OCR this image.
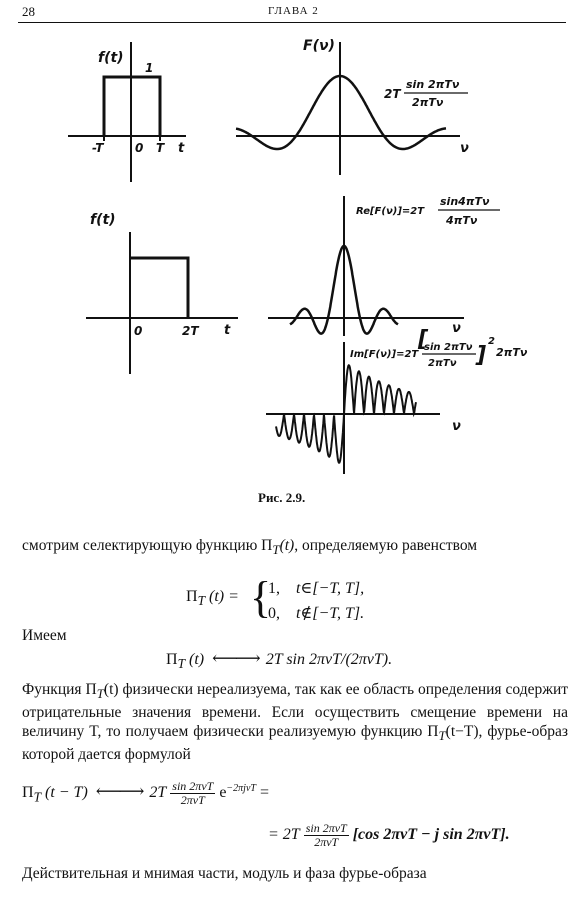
28	ГЛАВА 2
f(t)
1
-T	0 T t
F(ν)
2T
sin 2πTν
2πTν
ν
f(t)
0	2T t
Re[F(ν)]=2T
sin4πTν
4πTν
ν
Im[F(ν)]=2T
[
sin 2πTν
2πTν ]
2
2πTν
ν
Рис. 2.9.
смотрим селектирующую функцию $\Pi_T(t)$, определяемую равенством
$\Pi_T$ (t) = {
1, t∈[−T, T],
0, t∉[−T, T].
Имеем
$\Pi_T$ (t) ⟵⟶ 2T sin 2πνT/(2πνT).
Функция $\Pi_T(t)$ физически нереализуема, так как ее область определения содержит отрицательные значения времени. Если осуществить смещение времени на величину T, то получаем физически реализуемую функцию $\Pi_T(t-T)$, фурье-образ которой дается формулой
$\Pi_T$ (t − T) ⟵⟶ $2T \frac{\text{sin 2πνT}}{\text{2πνT}} e^{-2\pi j\nu T}$ =
= $2T \frac{\text{sin 2πνT}}{\text{2πνT}} [\cos$ 2πνT − j sin 2πνT].
Действительная и мнимая части, модуль и фаза фурье-образа
